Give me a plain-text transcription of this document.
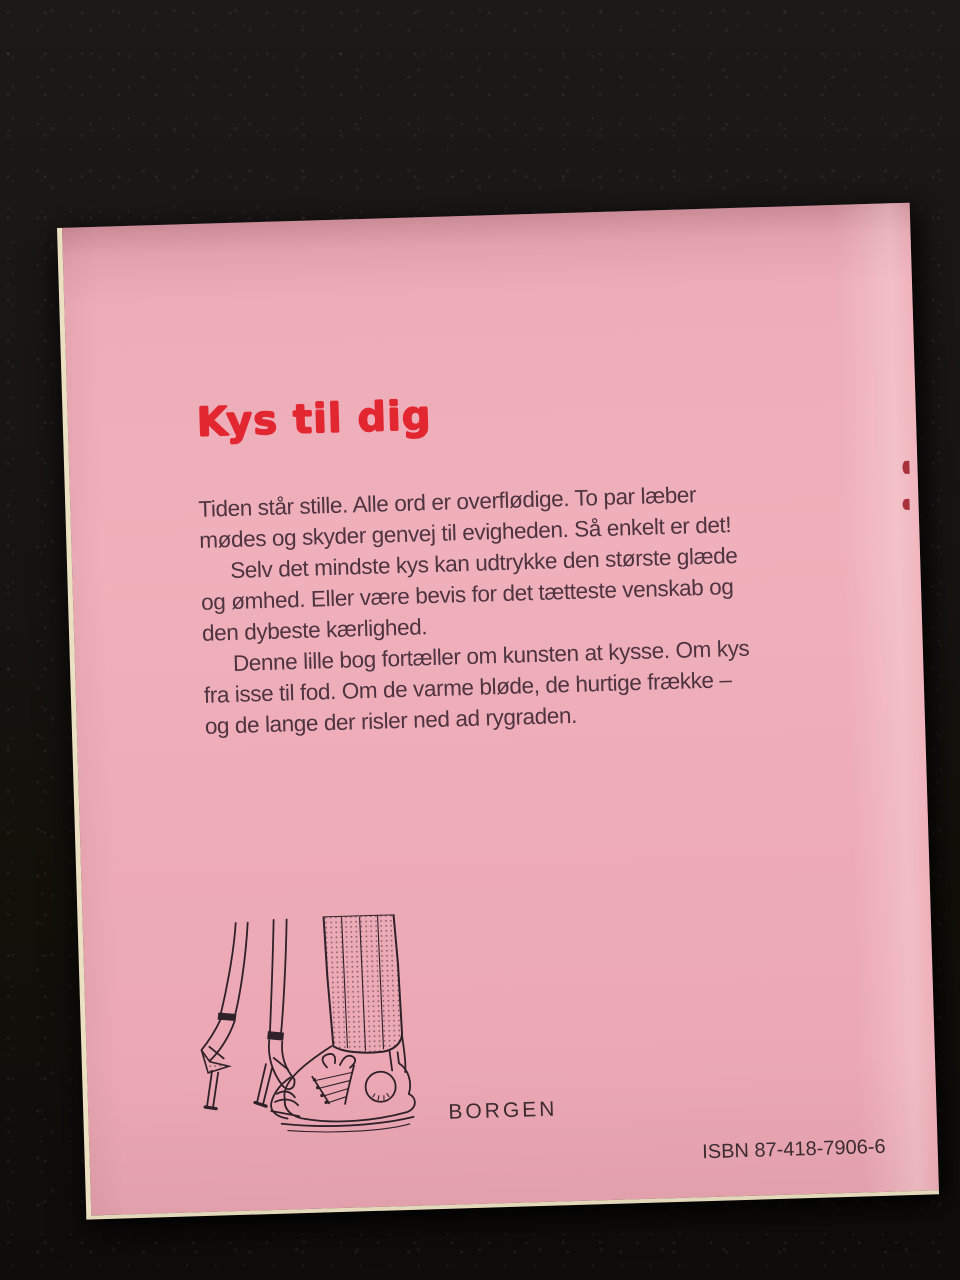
Kys til dig
Tiden står stille. Alle ord er overflødige. To par læber
mødes og skyder genvej til evigheden. Så enkelt er det!
Selv det mindste kys kan udtrykke den største glæde
og ømhed. Eller være bevis for det tætteste venskab og
den dybeste kærlighed.
Denne lille bog fortæller om kunsten at kysse. Om kys
fra isse til fod. Om de varme bløde, de hurtige frække –
og de lange der risler ned ad rygraden.
BORGEN
ISBN 87-418-7906-6
